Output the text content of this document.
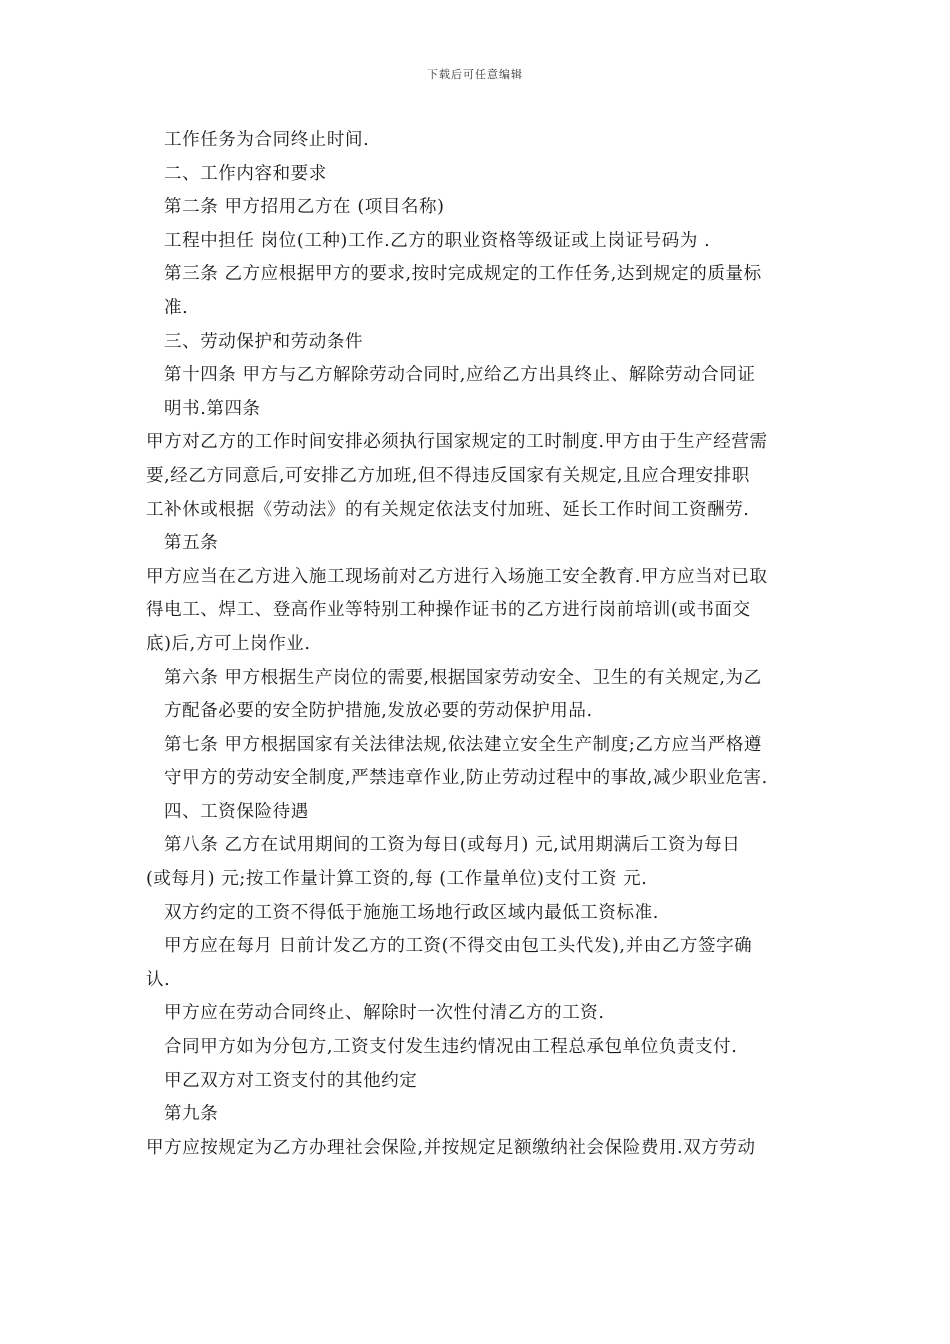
下载后可任意编辑
工作任务为合同终止时间.
二、工作内容和要求
第二条 甲方招用乙方在 (项目名称)
工程中担任 岗位(工种)工作.乙方的职业资格等级证或上岗证号码为 .
第三条 乙方应根据甲方的要求,按时完成规定的工作任务,达到规定的质量标
准.
三、劳动保护和劳动条件
第十四条 甲方与乙方解除劳动合同时,应给乙方出具终止、解除劳动合同证
明书.第四条
甲方对乙方的工作时间安排必须执行国家规定的工时制度.甲方由于生产经营需
要,经乙方同意后,可安排乙方加班,但不得违反国家有关规定,且应合理安排职
工补休或根据《劳动法》的有关规定依法支付加班、延长工作时间工资酬劳.
第五条
甲方应当在乙方进入施工现场前对乙方进行入场施工安全教育.甲方应当对已取
得电工、焊工、登高作业等特别工种操作证书的乙方进行岗前培训(或书面交
底)后,方可上岗作业.
第六条 甲方根据生产岗位的需要,根据国家劳动安全、卫生的有关规定,为乙
方配备必要的安全防护措施,发放必要的劳动保护用品.
第七条 甲方根据国家有关法律法规,依法建立安全生产制度;乙方应当严格遵
守甲方的劳动安全制度,严禁违章作业,防止劳动过程中的事故,减少职业危害.
四、工资保险待遇
第八条 乙方在试用期间的工资为每日(或每月) 元,试用期满后工资为每日
(或每月) 元;按工作量计算工资的,每 (工作量单位)支付工资 元.
双方约定的工资不得低于施施工场地行政区域内最低工资标准.
甲方应在每月 日前计发乙方的工资(不得交由包工头代发),并由乙方签字确
认.
甲方应在劳动合同终止、解除时一次性付清乙方的工资.
合同甲方如为分包方,工资支付发生违约情况由工程总承包单位负责支付.
甲乙双方对工资支付的其他约定
第九条
甲方应按规定为乙方办理社会保险,并按规定足额缴纳社会保险费用.双方劳动
